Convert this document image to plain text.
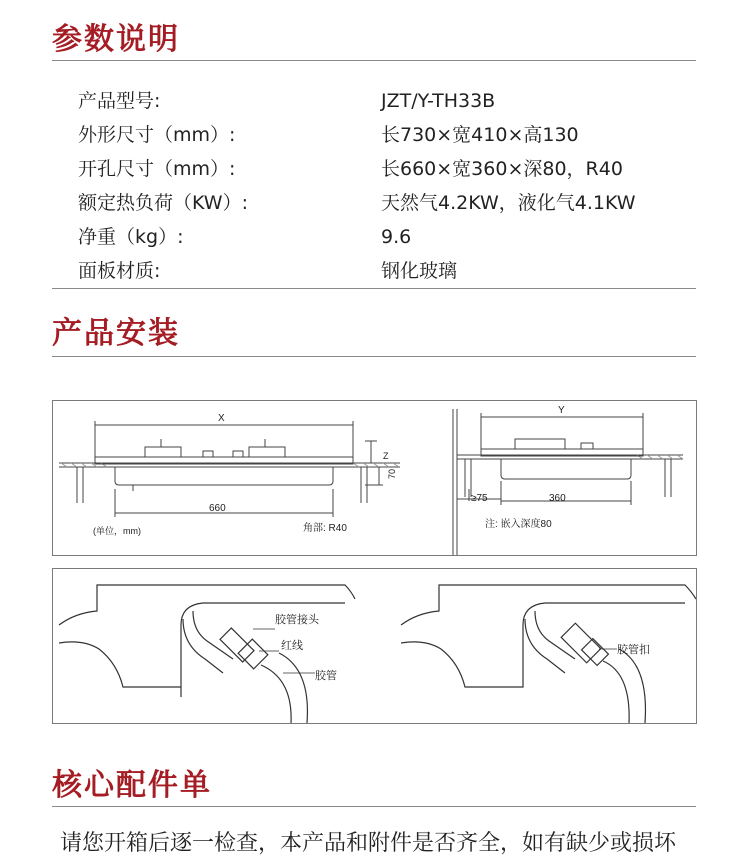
参数说明
产品型号:	JZT/Y-TH33B
外形尺寸（mm）:	长730×宽410×高130
开孔尺寸（mm）:	长660×宽360×深80，R40
额定热负荷（KW）:	天然气4.2KW，液化气4.1KW
净重（kg）:	9.6
面板材质:	钢化玻璃
产品安装
X
Z
70
660
(单位，mm)	角部: R40
Y
≥75	360
注: 嵌入深度80
胶管接头
红线
胶管
胶管扣
核心配件单
请您开箱后逐一检查，本产品和附件是否齐全，如有缺少或损坏
